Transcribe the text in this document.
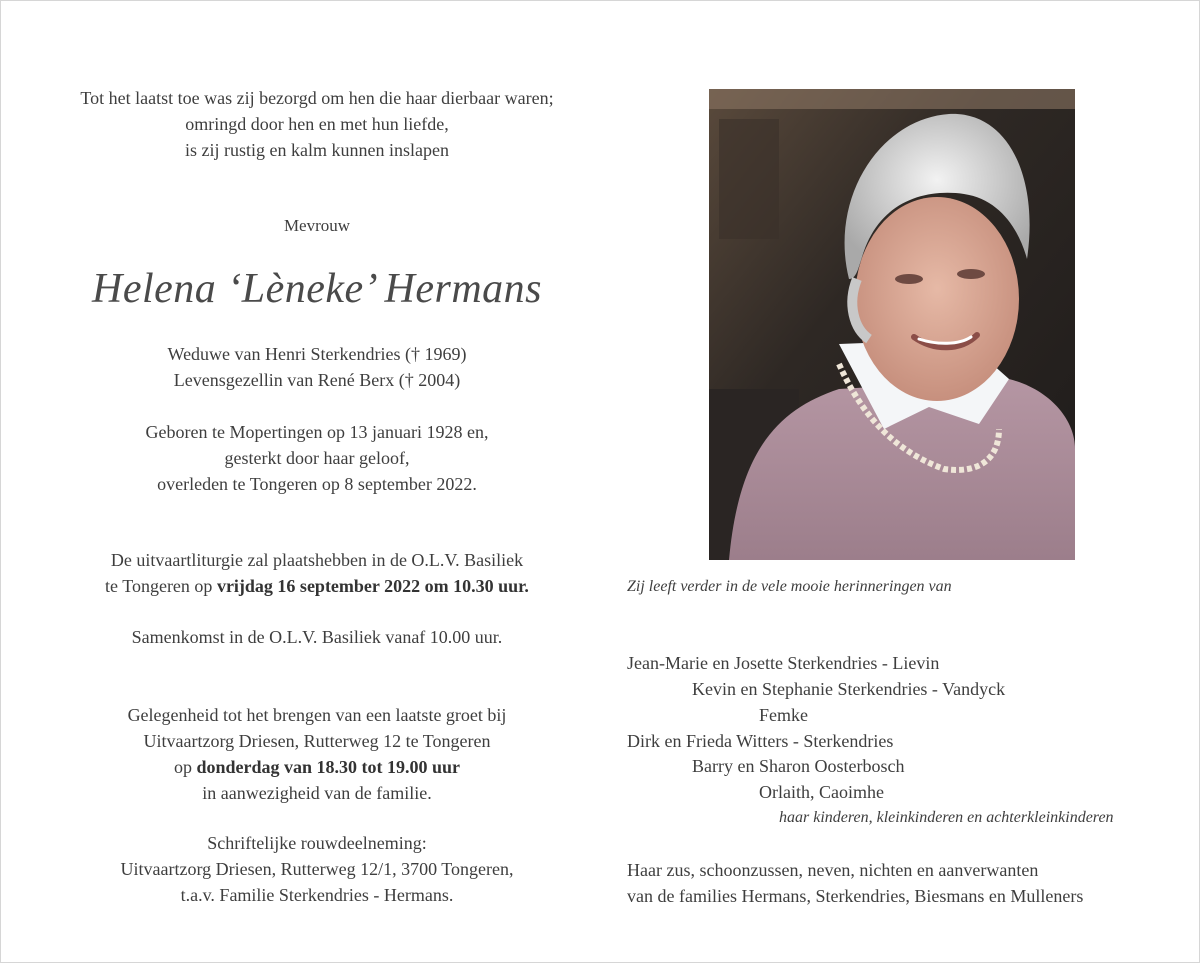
Tot het laatst toe was zij bezorgd om hen die haar dierbaar waren;
omringd door hen en met hun liefde,
is zij rustig en kalm kunnen inslapen
Mevrouw
Helena ‘Lèneke’ Hermans
Weduwe van Henri Sterkendries († 1969)
Levensgezellin van René Berx († 2004)
Geboren te Mopertingen op 13 januari 1928 en,
gesterkt door haar geloof,
overleden te Tongeren op 8 september 2022.
De uitvaartliturgie zal plaatshebben in de O.L.V. Basiliek
te Tongeren op vrijdag 16 september 2022 om 10.30 uur.
Samenkomst in de O.L.V. Basiliek vanaf 10.00 uur.
Gelegenheid tot het brengen van een laatste groet bij
Uitvaartzorg Driesen, Rutterweg 12 te Tongeren
op donderdag van 18.30 tot 19.00 uur
in aanwezigheid van de familie.
Schriftelijke rouwdeelneming:
Uitvaartzorg Driesen, Rutterweg 12/1, 3700 Tongeren,
t.a.v. Familie Sterkendries - Hermans.
Zij leeft verder in de vele mooie herinneringen van
Jean-Marie en Josette Sterkendries - Lievin
Kevin en Stephanie Sterkendries - Vandyck
Femke
Dirk en Frieda Witters - Sterkendries
Barry en Sharon Oosterbosch
Orlaith, Caoimhe
haar kinderen, kleinkinderen en achterkleinkinderen
Haar zus, schoonzussen, neven, nichten en aanverwanten
van de families Hermans, Sterkendries, Biesmans en Mulleners
